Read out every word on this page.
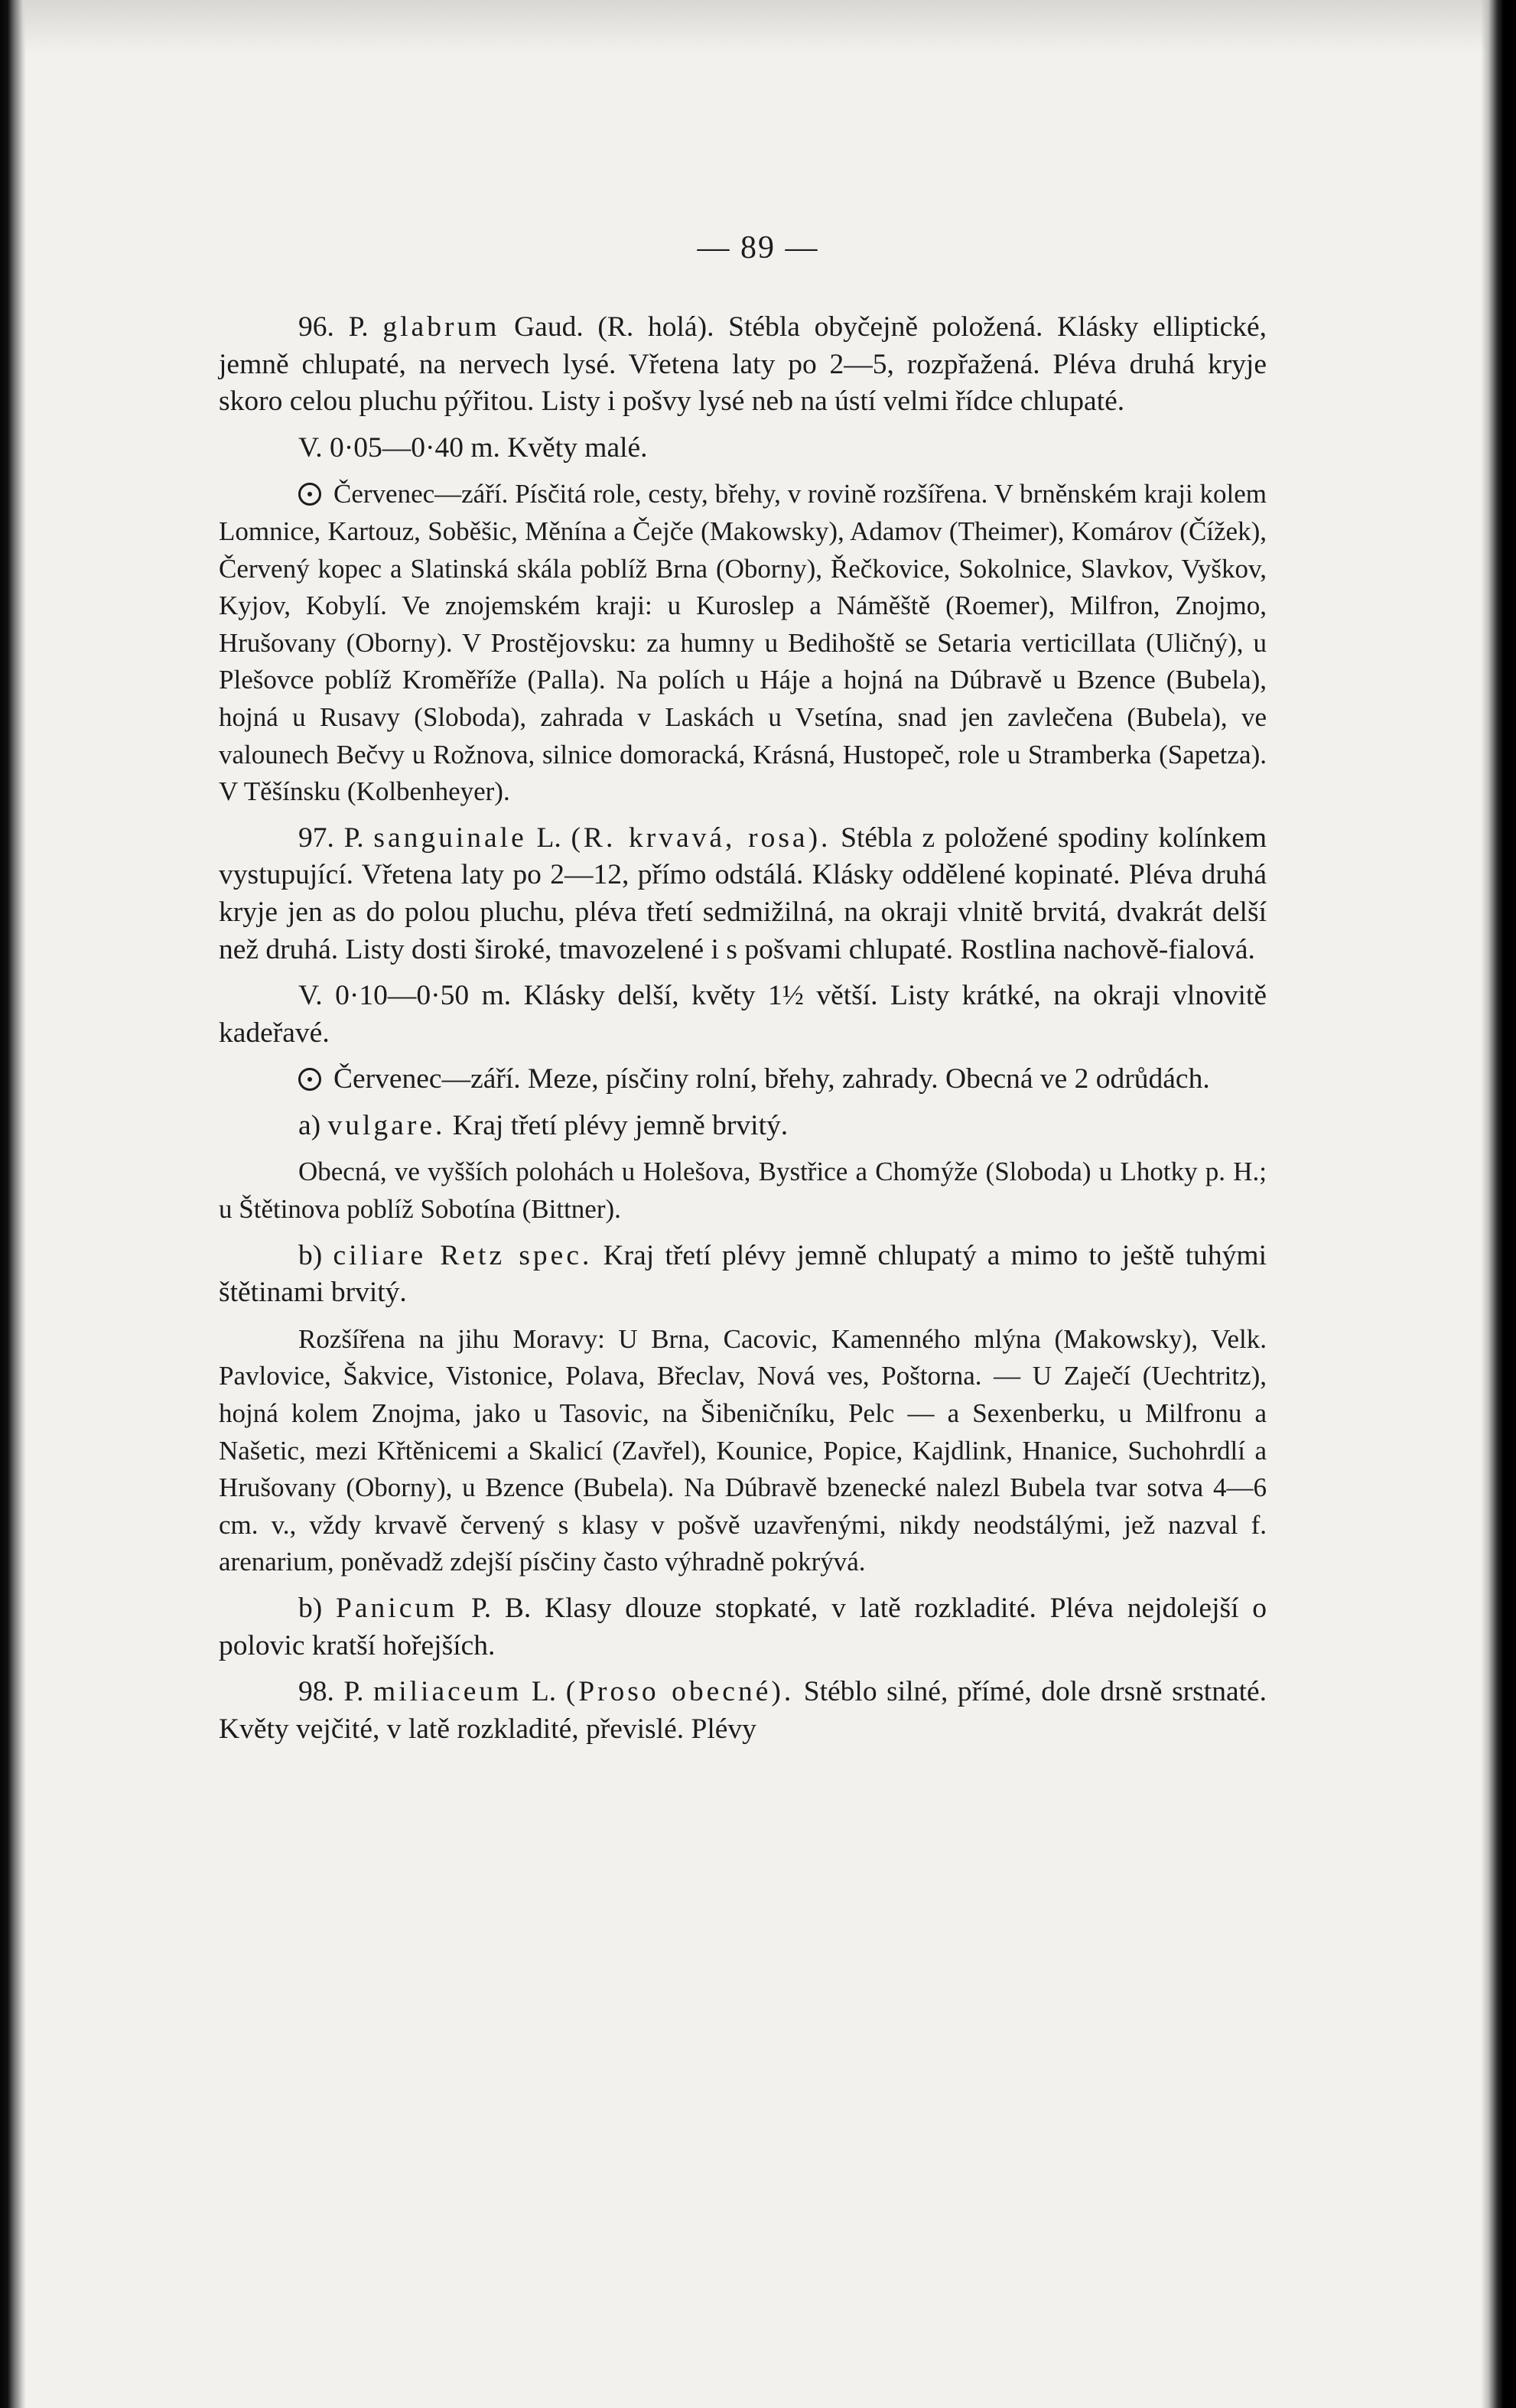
— 89 —

96. P. glabrum Gaud. (R. holá). Stébla obyčejně položená. Klásky elliptické, jemně chlupaté, na nervech lysé. Vřetena laty po 2—5, rozpřažená. Pléva druhá kryje skoro celou pluchu pýřitou. Listy i pošvy lysé neb na ústí velmi řídce chlupaté.

V. 0·05—0·40 m. Květy malé.

Červenec—září. Písčitá role, cesty, břehy, v rovině rozšířena. V brněnském kraji kolem Lomnice, Kartouz, Soběšic, Měnína a Čejče (Makowsky), Adamov (Theimer), Komárov (Čížek), Červený kopec a Slatinská skála poblíž Brna (Oborny), Řečkovice, Sokolnice, Slavkov, Vyškov, Kyjov, Kobylí. Ve znojemském kraji: u Kuroslep a Náměště (Roemer), Milfron, Znojmo, Hrušovany (Oborny). V Prostějovsku: za humny u Bedihoště se Setaria verticillata (Uličný), u Plešovce poblíž Kroměříže (Palla). Na polích u Háje a hojná na Dúbravě u Bzence (Bubela), hojná u Rusavy (Sloboda), zahrada v Laskách u Vsetína, snad jen zavlečena (Bubela), ve valounech Bečvy u Rožnova, silnice domoracká, Krásná, Hustopeč, role u Stramberka (Sapetza). V Těšínsku (Kolbenheyer).

97. P. sanguinale L. (R. krvavá, rosa). Stébla z položené spodiny kolínkem vystupující. Vřetena laty po 2—12, přímo odstálá. Klásky oddělené kopinaté. Pléva druhá kryje jen as do polou pluchu, pléva třetí sedmižilná, na okraji vlnitě brvitá, dvakrát delší než druhá. Listy dosti široké, tmavozelené i s pošvami chlupaté. Rostlina nachově-fialová.

V. 0·10—0·50 m. Klásky delší, květy 1½ větší. Listy krátké, na okraji vlnovitě kadeřavé.

Červenec—září. Meze, písčiny rolní, břehy, zahrady. Obecná ve 2 odrůdách.

a) vulgare. Kraj třetí plévy jemně brvitý.

Obecná, ve vyšších polohách u Holešova, Bystřice a Chomýže (Sloboda) u Lhotky p. H.; u Štětinova poblíž Sobotína (Bittner).

b) ciliare Retz spec. Kraj třetí plévy jemně chlupatý a mimo to ještě tuhými štětinami brvitý.

Rozšířena na jihu Moravy: U Brna, Cacovic, Kamenného mlýna (Makowsky), Velk. Pavlovice, Šakvice, Vistonice, Polava, Břeclav, Nová ves, Poštorna. — U Zaječí (Uechtritz), hojná kolem Znojma, jako u Tasovic, na Šibeničníku, Pelc — a Sexenberku, u Milfronu a Našetic, mezi Křtěnicemi a Skalicí (Zavřel), Kounice, Popice, Kajdlink, Hnanice, Suchohrdlí a Hrušovany (Oborny), u Bzence (Bubela). Na Dúbravě bzenecké nalezl Bubela tvar sotva 4—6 cm. v., vždy krvavě červený s klasy v pošvě uzavřenými, nikdy neodstálými, jež nazval f. arenarium, poněvadž zdejší písčiny často výhradně pokrývá.

b) Panicum P. B. Klasy dlouze stopkaté, v latě rozkladité. Pléva nejdolejší o polovic kratší hořejších.

98. P. miliaceum L. (Proso obecné). Stéblo silné, přímé, dole drsně srstnaté. Květy vejčité, v latě rozkladité, převislé. Plévy
